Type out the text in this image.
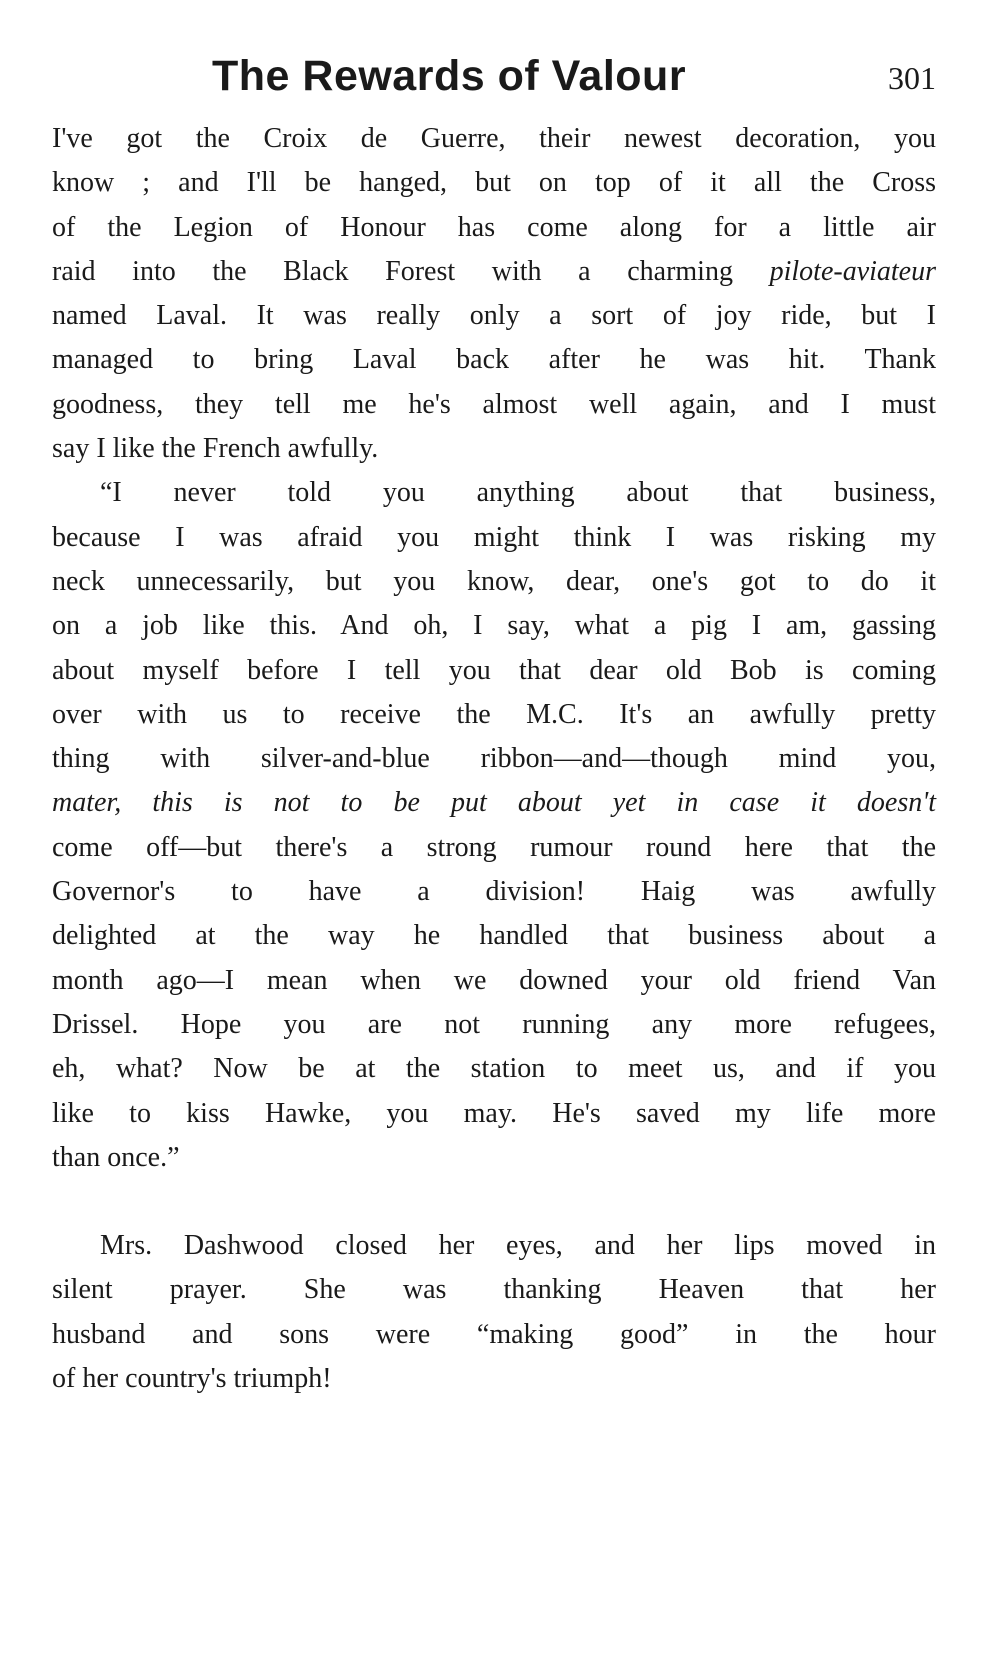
The Rewards of Valour	301
I've got the Croix de Guerre, their newest decoration, you
know ; and I'll be hanged, but on top of it all the Cross
of the Legion of Honour has come along for a little air
raid into the Black Forest with a charming pilote-aviateur
named Laval. It was really only a sort of joy ride, but I
managed to bring Laval back after he was hit. Thank
goodness, they tell me he's almost well again, and I must
say I like the French awfully.
“I never told you anything about that business,
because I was afraid you might think I was risking my
neck unnecessarily, but you know, dear, one's got to do it
on a job like this. And oh, I say, what a pig I am, gassing
about myself before I tell you that dear old Bob is coming
over with us to receive the M.C. It's an awfully pretty
thing with silver-and-blue ribbon—and—though mind you,
mater, this is not to be put about yet in case it doesn't
come off—but there's a strong rumour round here that the
Governor's to have a division! Haig was awfully
delighted at the way he handled that business about a
month ago—I mean when we downed your old friend Van
Drissel. Hope you are not running any more refugees,
eh, what? Now be at the station to meet us, and if you
like to kiss Hawke, you may. He's saved my life more
than once.”
Mrs. Dashwood closed her eyes, and her lips moved in
silent prayer. She was thanking Heaven that her
husband and sons were “making good” in the hour
of her country's triumph!
